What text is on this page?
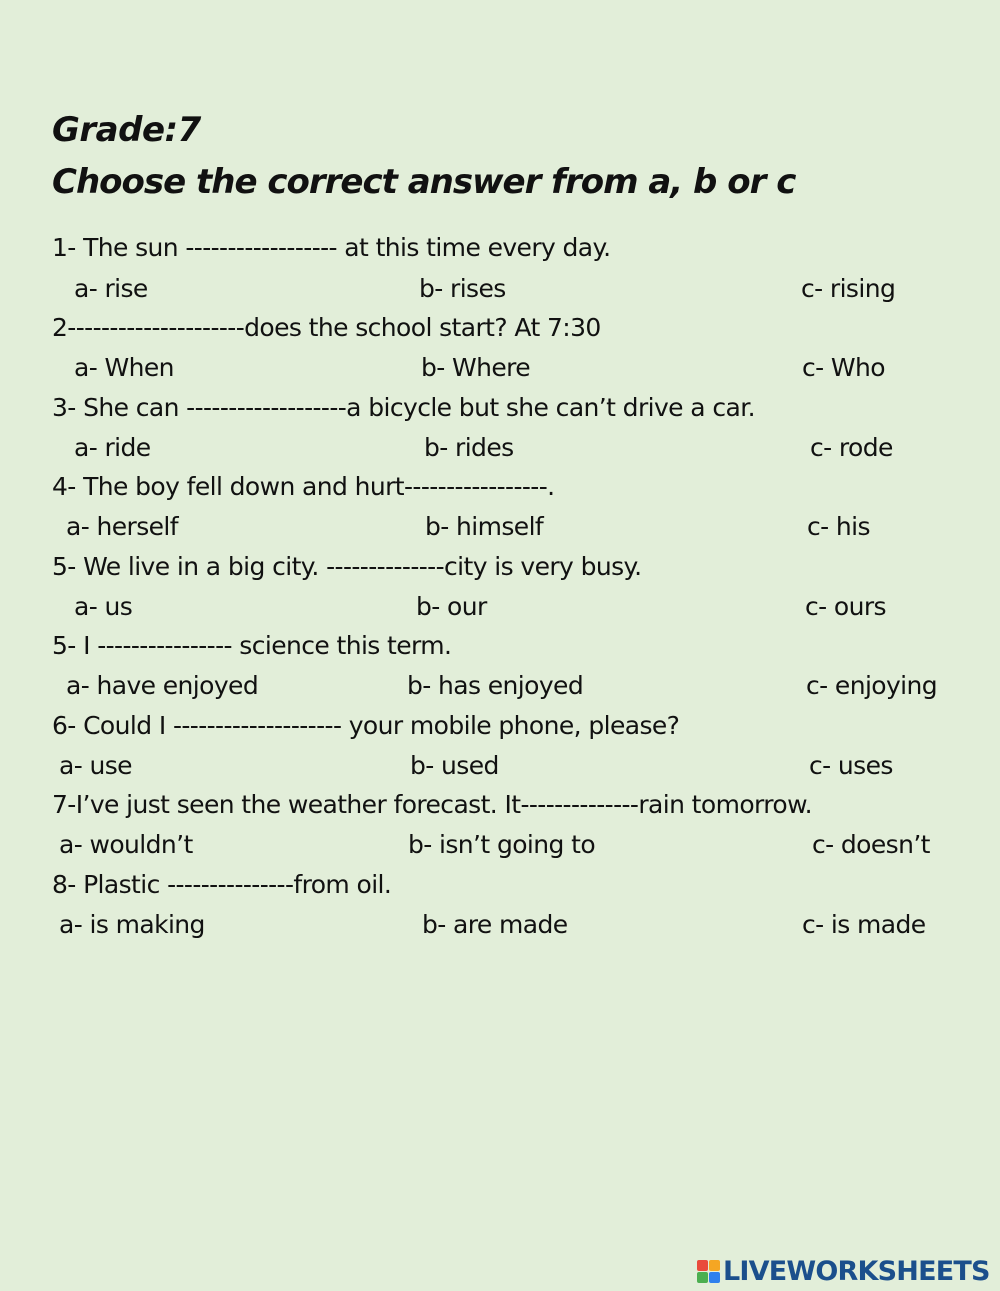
Grade:7
Choose the correct answer from a, b or c
1- The sun ------------------ at this time every day.
a- rise	b- rises	c- rising
2---------------------does the school start? At 7:30
a- When	b- Where	c- Who
3- She can -------------------a bicycle but she can’t drive a car.
a- ride	b- rides	c- rode
4- The boy fell down and hurt-----------------.
a- herself	b- himself	c- his
5- We live in a big city. --------------city is very busy.
a- us	b- our	c- ours
5- I ---------------- science this term.
a- have enjoyed	b- has enjoyed	c- enjoying
6- Could I -------------------- your mobile phone, please?
a- use	b- used	c- uses
7-I’ve just seen the weather forecast. It--------------rain tomorrow.
a- wouldn’t	b- isn’t going to	c- doesn’t
8- Plastic ---------------from oil.
a- is making	b- are made	c- is made
LIVEWORKSHEETS
